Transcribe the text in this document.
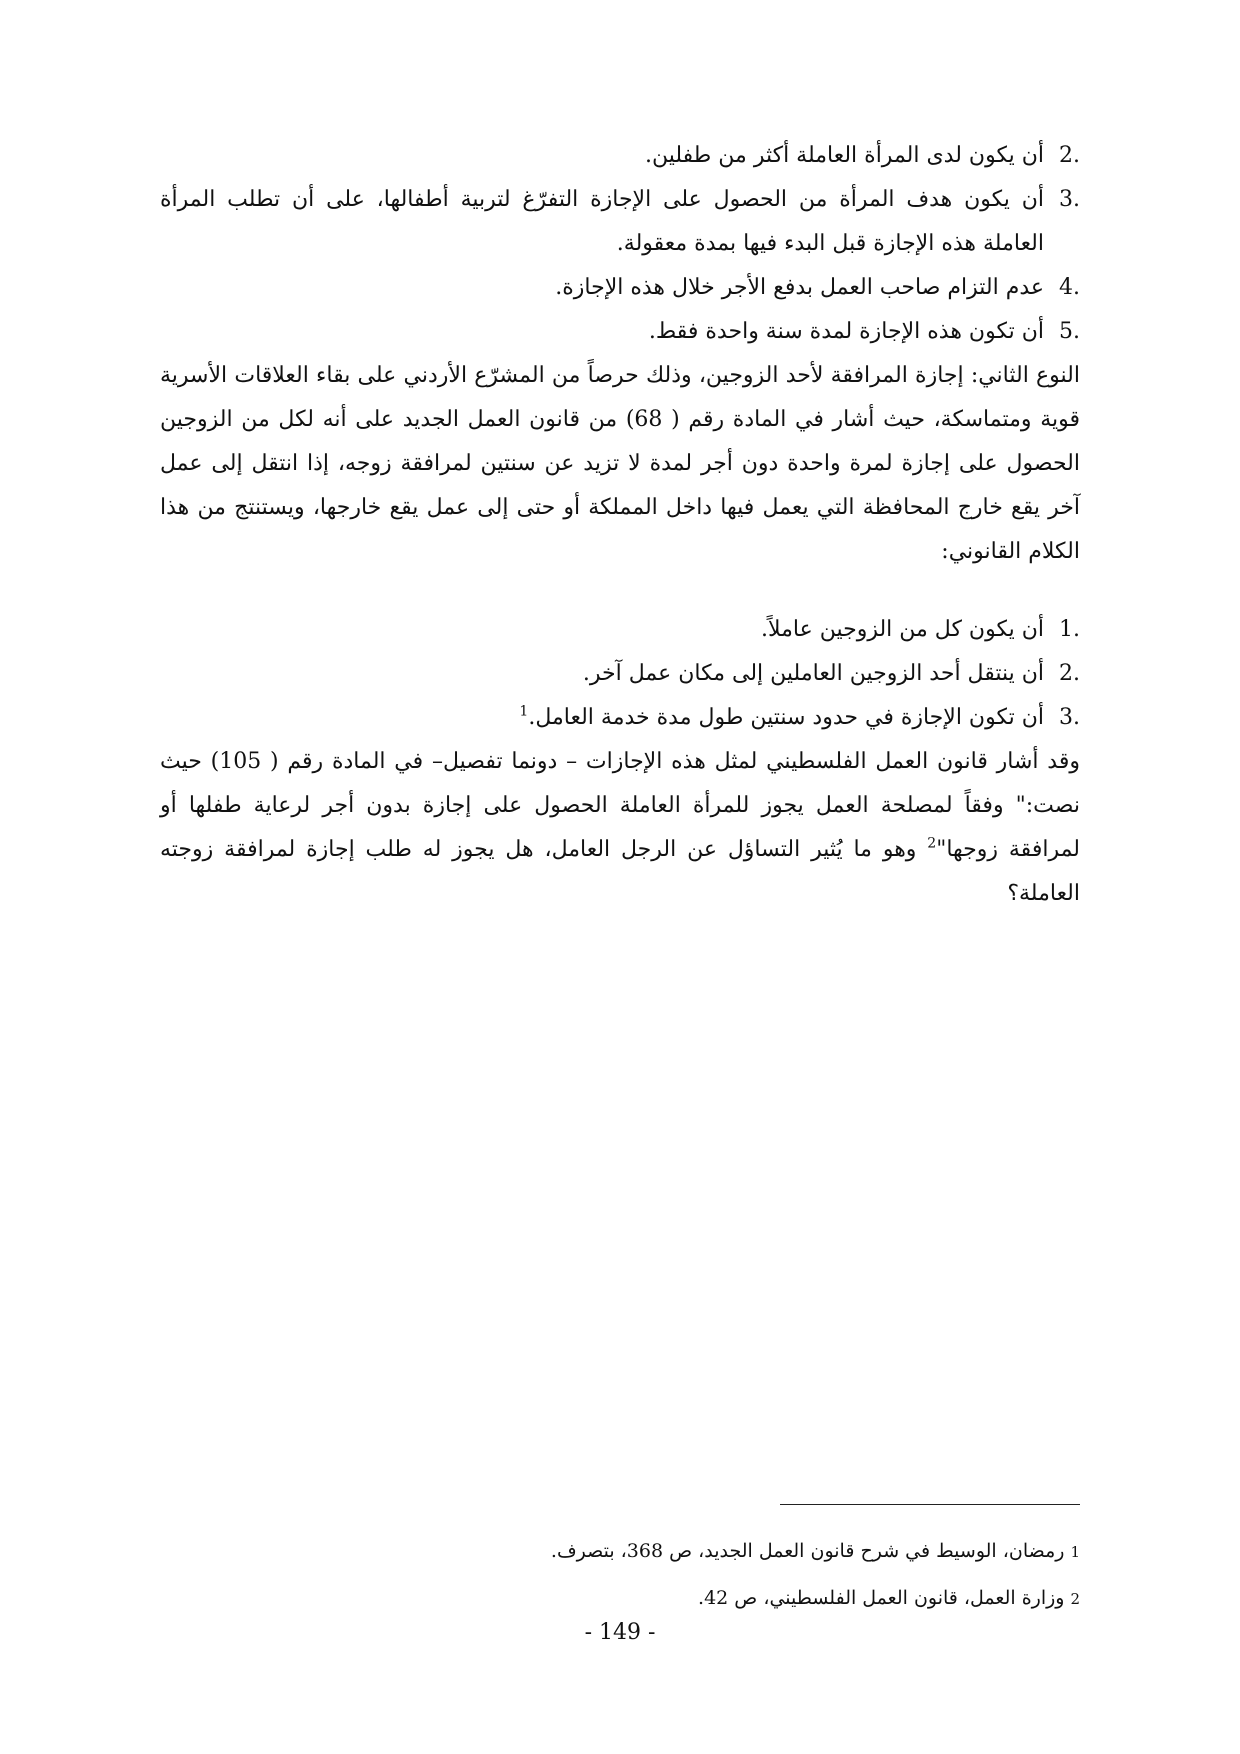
.2
أن يكون لدى المرأة العاملة أكثر من طفلين.
.3
أن يكون هدف المرأة من الحصول على الإجازة التفرّغ لتربية أطفالها، على أن تطلب المرأة العاملة هذه الإجازة قبل البدء فيها بمدة معقولة.
.4
عدم التزام صاحب العمل بدفع الأجر خلال هذه الإجازة.
.5
أن تكون هذه الإجازة لمدة سنة واحدة فقط.

النوع الثاني: إجازة المرافقة لأحد الزوجين، وذلك حرصاً من المشرّع الأردني على بقاء العلاقات الأسرية قوية ومتماسكة، حيث أشار في المادة رقم ( 68) من قانون العمل الجديد على أنه لكل من الزوجين الحصول على إجازة لمرة واحدة دون أجر لمدة لا تزيد عن سنتين لمرافقة زوجه، إذا انتقل إلى عمل آخر يقع خارج المحافظة التي يعمل فيها داخل المملكة أو حتى إلى عمل يقع خارجها، ويستنتج من هذا الكلام القانوني:

.1
أن يكون كل من الزوجين عاملاً.
.2
أن ينتقل أحد الزوجين العاملين إلى مكان عمل آخر.
.3
أن تكون الإجازة في حدود سنتين طول مدة خدمة العامل.$^1$

وقد أشار قانون العمل الفلسطيني لمثل هذه الإجازات – دونما تفصيل– في المادة رقم ( 105) حيث نصت:" وفقاً لمصلحة العمل يجوز للمرأة العاملة الحصول على إجازة بدون أجر لرعاية طفلها أو لمرافقة زوجها"$^2$ وهو ما يُثير التساؤل عن الرجل العامل، هل يجوز له طلب إجازة لمرافقة زوجته العاملة؟

1رمضان، الوسيط في شرح قانون العمل الجديد، ص 368، بتصرف.
2وزارة العمل، قانون العمل الفلسطيني، ص 42.
- 149 -
